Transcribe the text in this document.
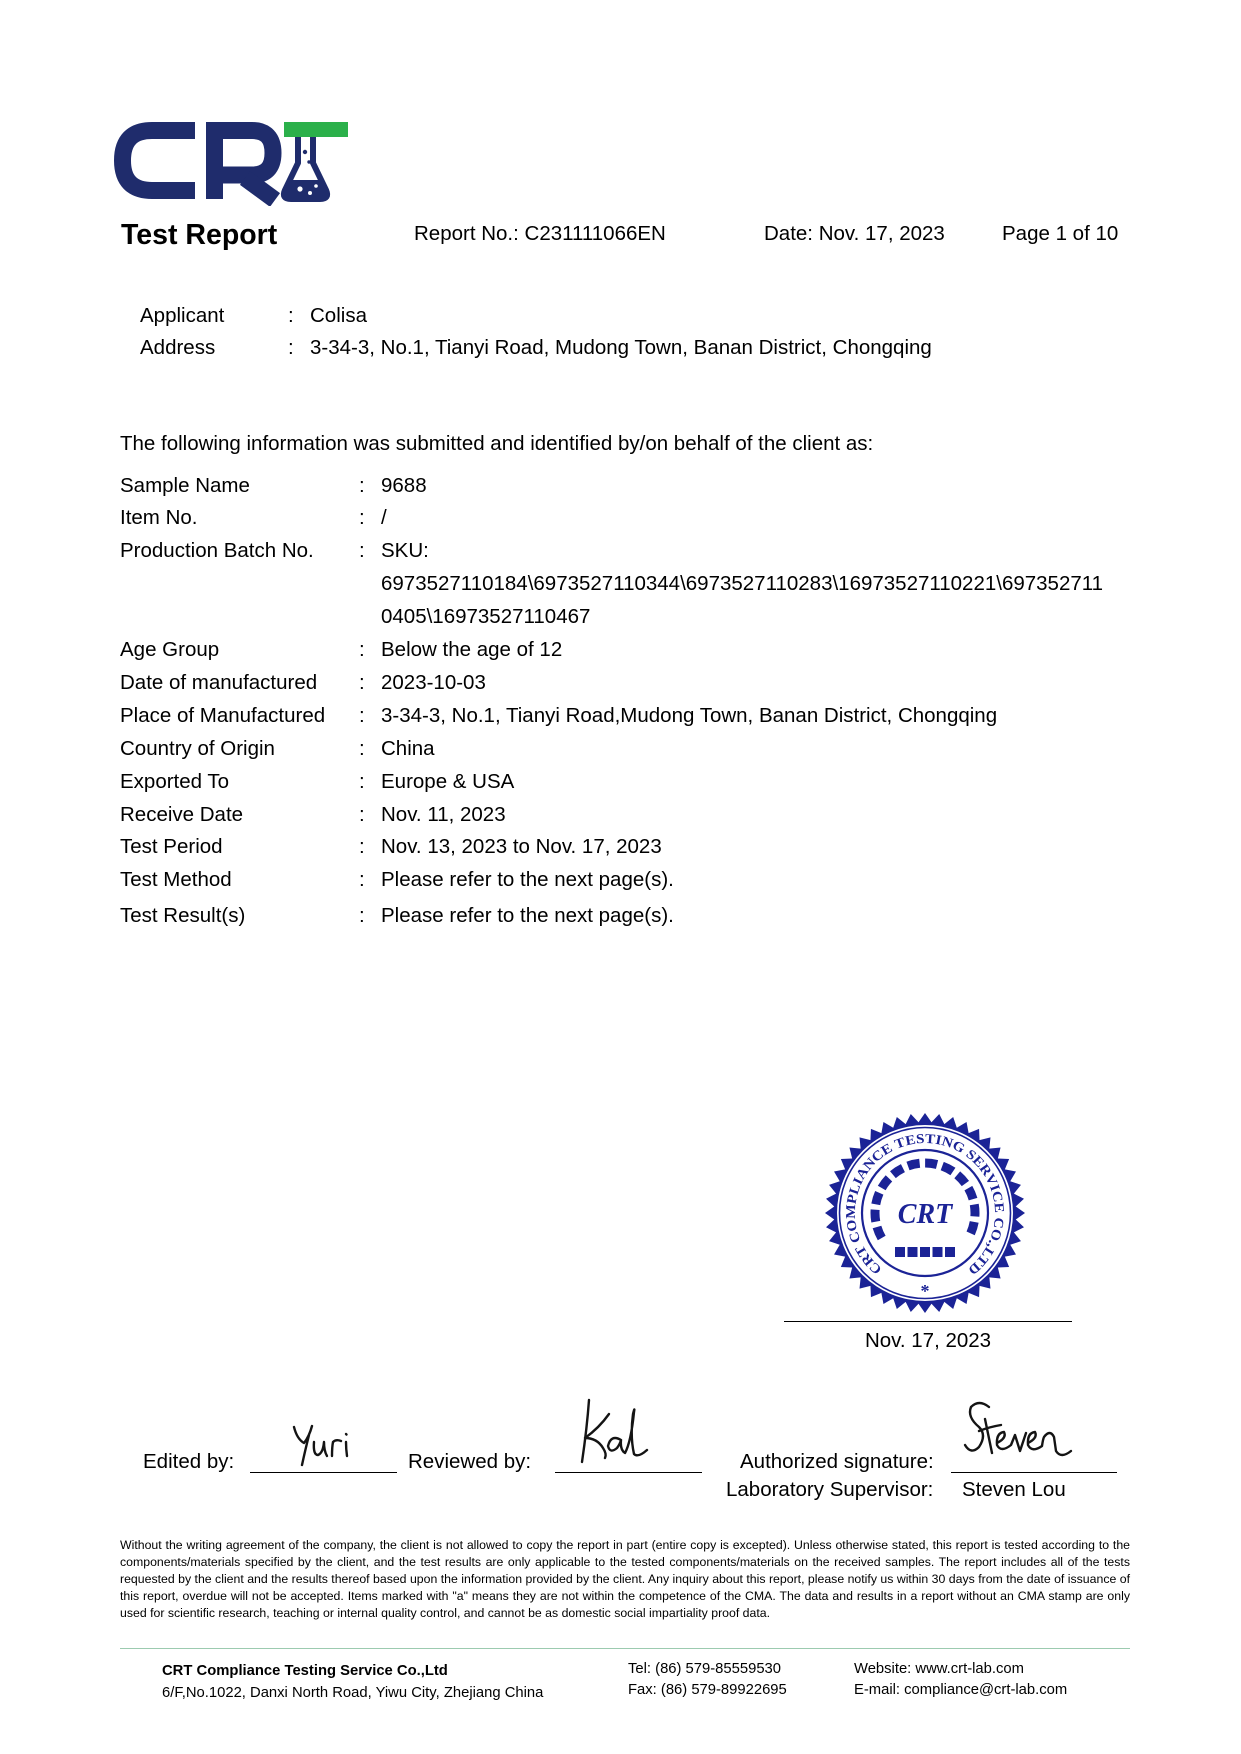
Test Report	Report No.: C231111066EN	Date: Nov. 17, 2023	Page 1 of 10
Applicant	: Colisa
Address	: 3-34-3, No.1, Tianyi Road, Mudong Town, Banan District, Chongqing
The following information was submitted and identified by/on behalf of the client as:
Sample Name	: 9688
Item No.	: /
Production Batch No.	: SKU:
6973527110184\6973527110344\6973527110283\16973527110221\697352711
0405\16973527110467
Age Group	: Below the age of 12
Date of manufactured	: 2023-10-03
Place of Manufactured	: 3-34-3, No.1, Tianyi Road,Mudong Town, Banan District, Chongqing
Country of Origin	: China
Exported To	: Europe & USA
Receive Date	: Nov. 11, 2023
Test Period	: Nov. 13, 2023 to Nov. 17, 2023
Test Method	: Please refer to the next page(s).
Test Result(s)	: Please refer to the next page(s).
CRT COMPLIANCE TESTING SERVICE CO.,LTD
CRT
*
Nov. 17, 2023
Edited by:	Reviewed by:	Authorized signature:
Laboratory Supervisor: Steven Lou
Without the writing agreement of the company, the client is not allowed to copy the report in part (entire copy is excepted). Unless otherwise stated, this report is tested according to the components/materials specified by the client, and the test results are only applicable to the tested components/materials on the received samples. The report includes all of the tests requested by the client and the results thereof based upon the information provided by the client. Any inquiry about this report, please notify us within 30 days from the date of issuance of this report, overdue will not be accepted. Items marked with "a" means they are not within the competence of the CMA. The data and results in a report without an CMA stamp are only used for scientific research, teaching or internal quality control, and cannot be as domestic social impartiality proof data.
CRT Compliance Testing Service Co.,Ltd
6/F,No.1022, Danxi North Road, Yiwu City, Zhejiang China
Tel: (86) 579-85559530
Fax: (86) 579-89922695
Website: www.crt-lab.com
E-mail: compliance@crt-lab.com
